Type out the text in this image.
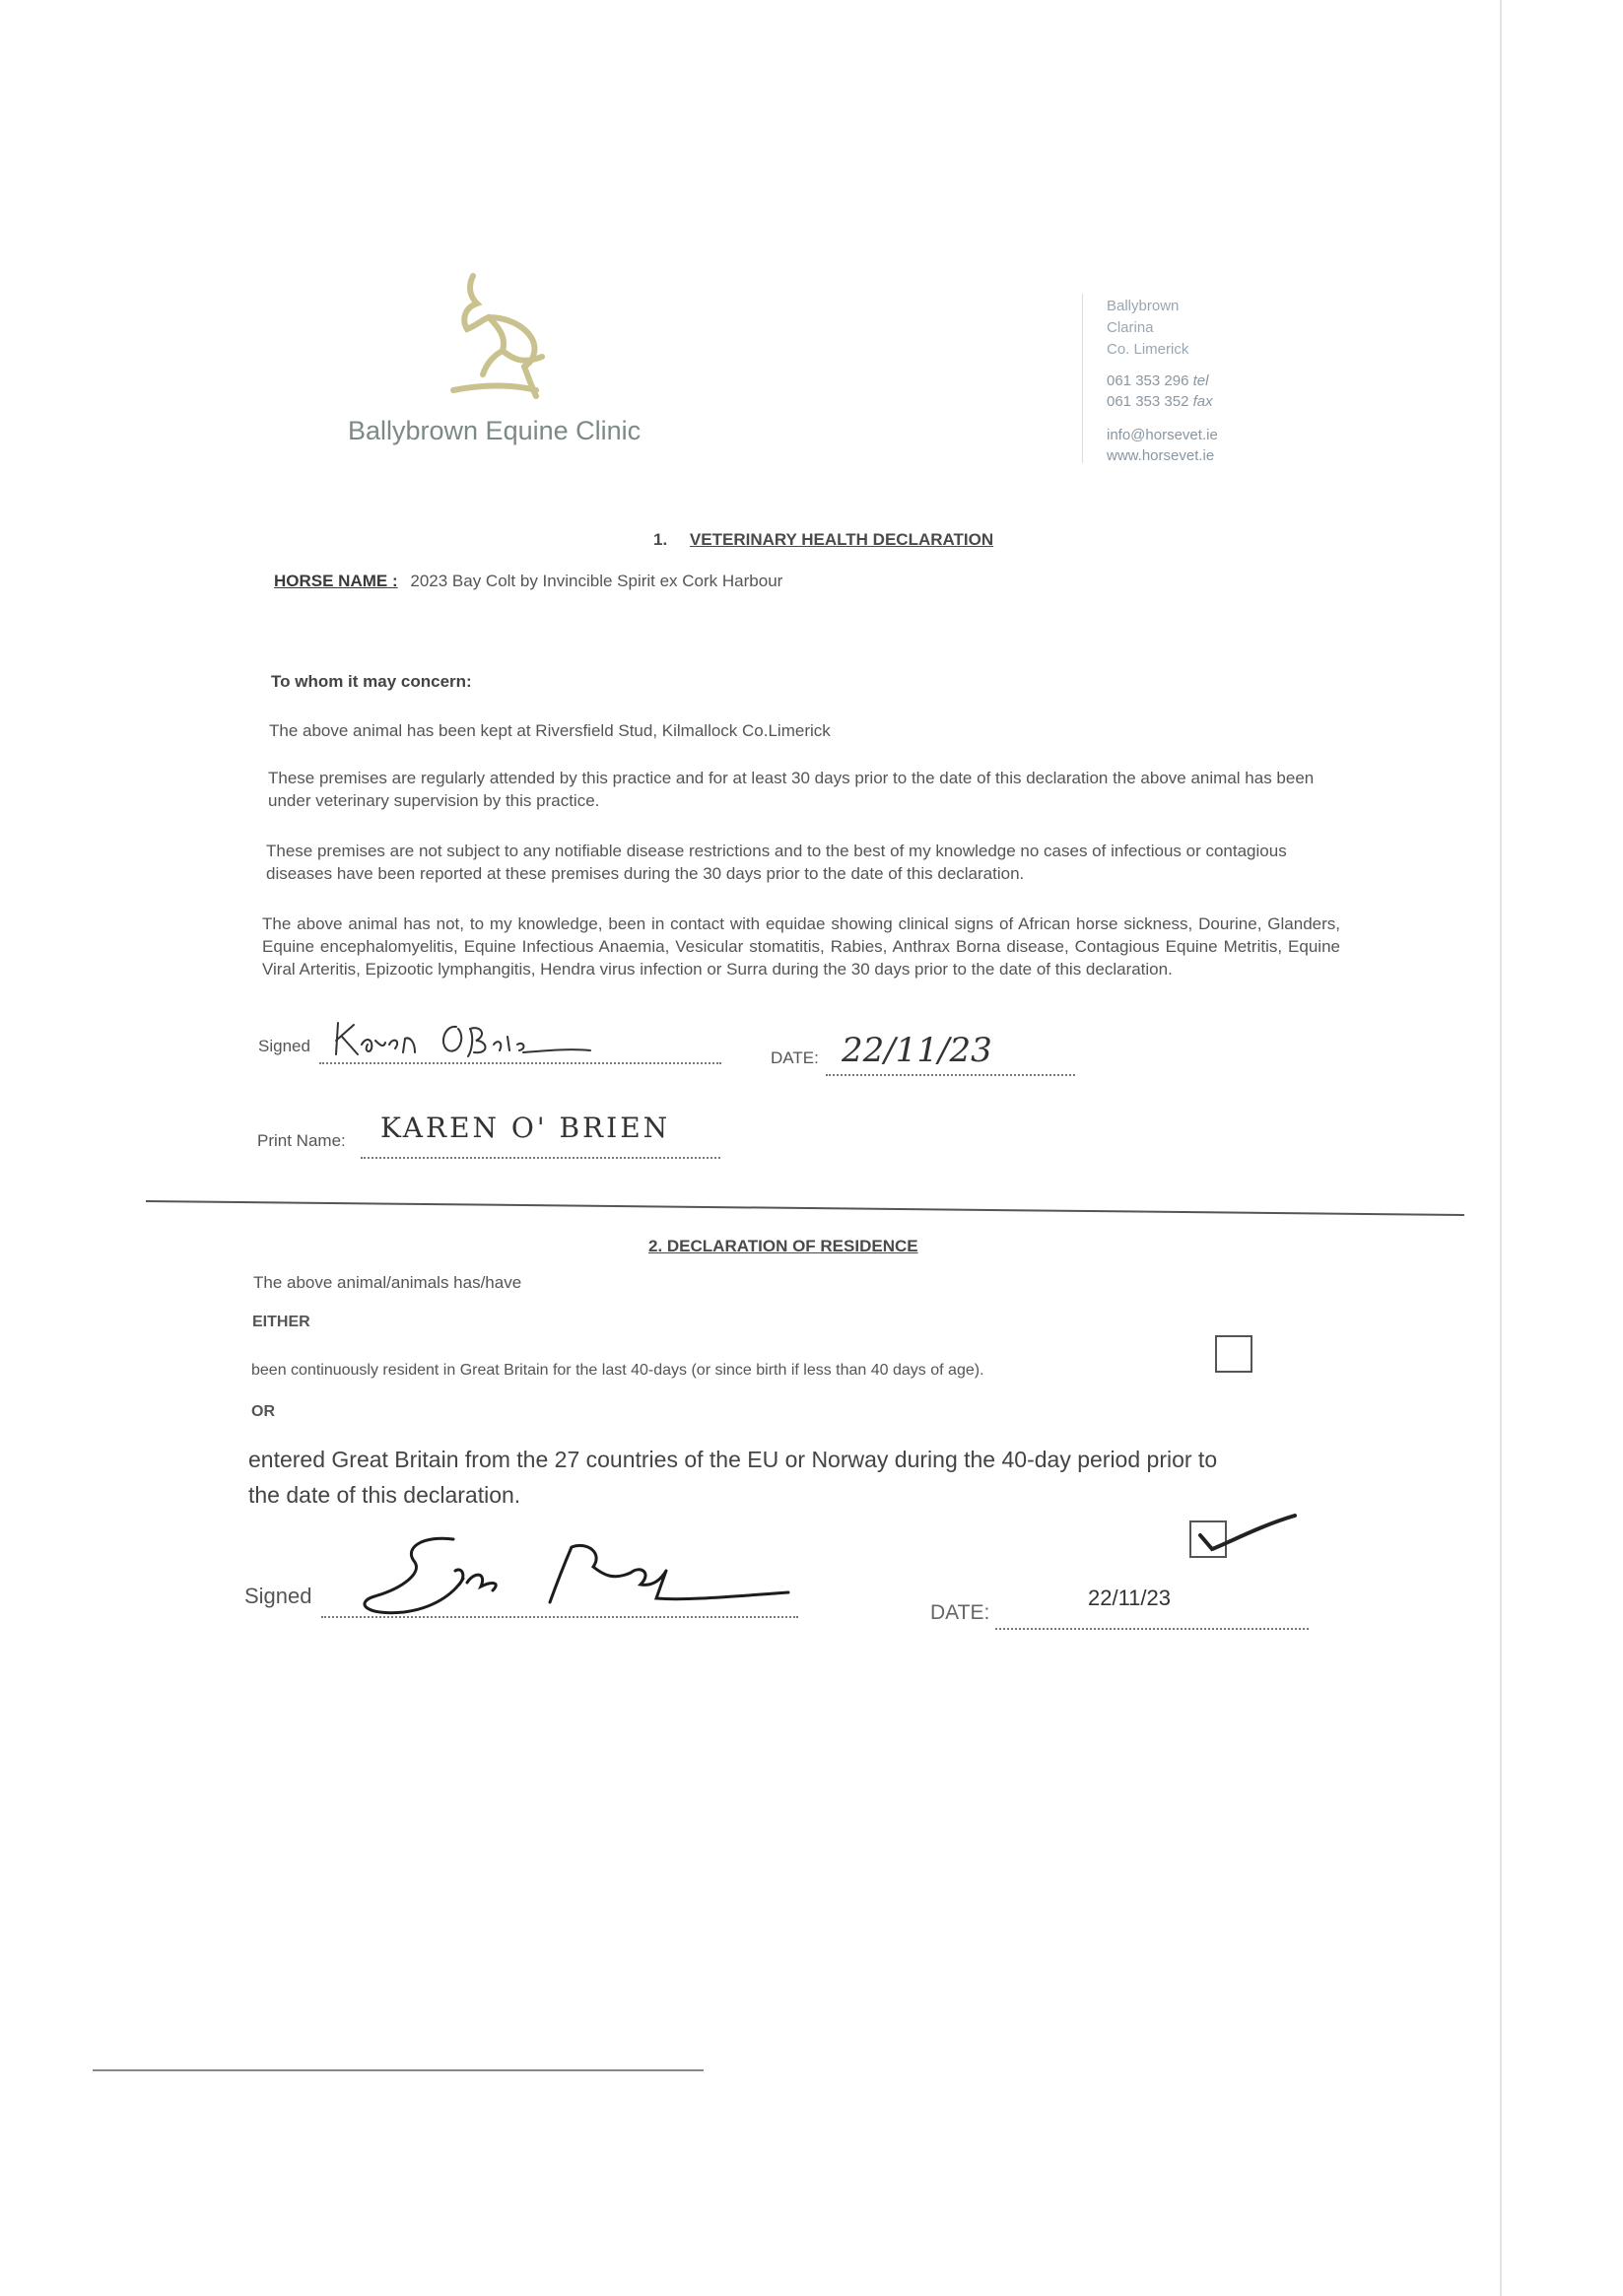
Ballybrown Equine Clinic
Ballybrown
Clarina
Co. Limerick
061 353 296 tel
061 353 352 fax
info@horsevet.ie
www.horsevet.ie
1. VETERINARY HEALTH DECLARATION
HORSE NAME : 2023 Bay Colt by Invincible Spirit ex Cork Harbour
To whom it may concern:
The above animal has been kept at Riversfield Stud, Kilmallock Co.Limerick
These premises are regularly attended by this practice and for at least 30 days prior to the date of this declaration the above animal has been under veterinary supervision by this practice.
These premises are not subject to any notifiable disease restrictions and to the best of my knowledge no cases of infectious or contagious diseases have been reported at these premises during the 30 days prior to the date of this declaration.
The above animal has not, to my knowledge, been in contact with equidae showing clinical signs of African horse sickness, Dourine, Glanders, Equine encephalomyelitis, Equine Infectious Anaemia, Vesicular stomatitis, Rabies, Anthrax Borna disease, Contagious Equine Metritis, Equine Viral Arteritis, Epizootic lymphangitis, Hendra virus infection or Surra during the 30 days prior to the date of this declaration.
Signed
DATE: 22/11/23
Print Name: KAREN O' BRIEN
2. DECLARATION OF RESIDENCE
The above animal/animals has/have
EITHER
been continuously resident in Great Britain for the last 40-days (or since birth if less than 40 days of age).
OR
entered Great Britain from the 27 countries of the EU or Norway during the 40-day period prior to
the date of this declaration.
Signed
DATE:
22/11/23
